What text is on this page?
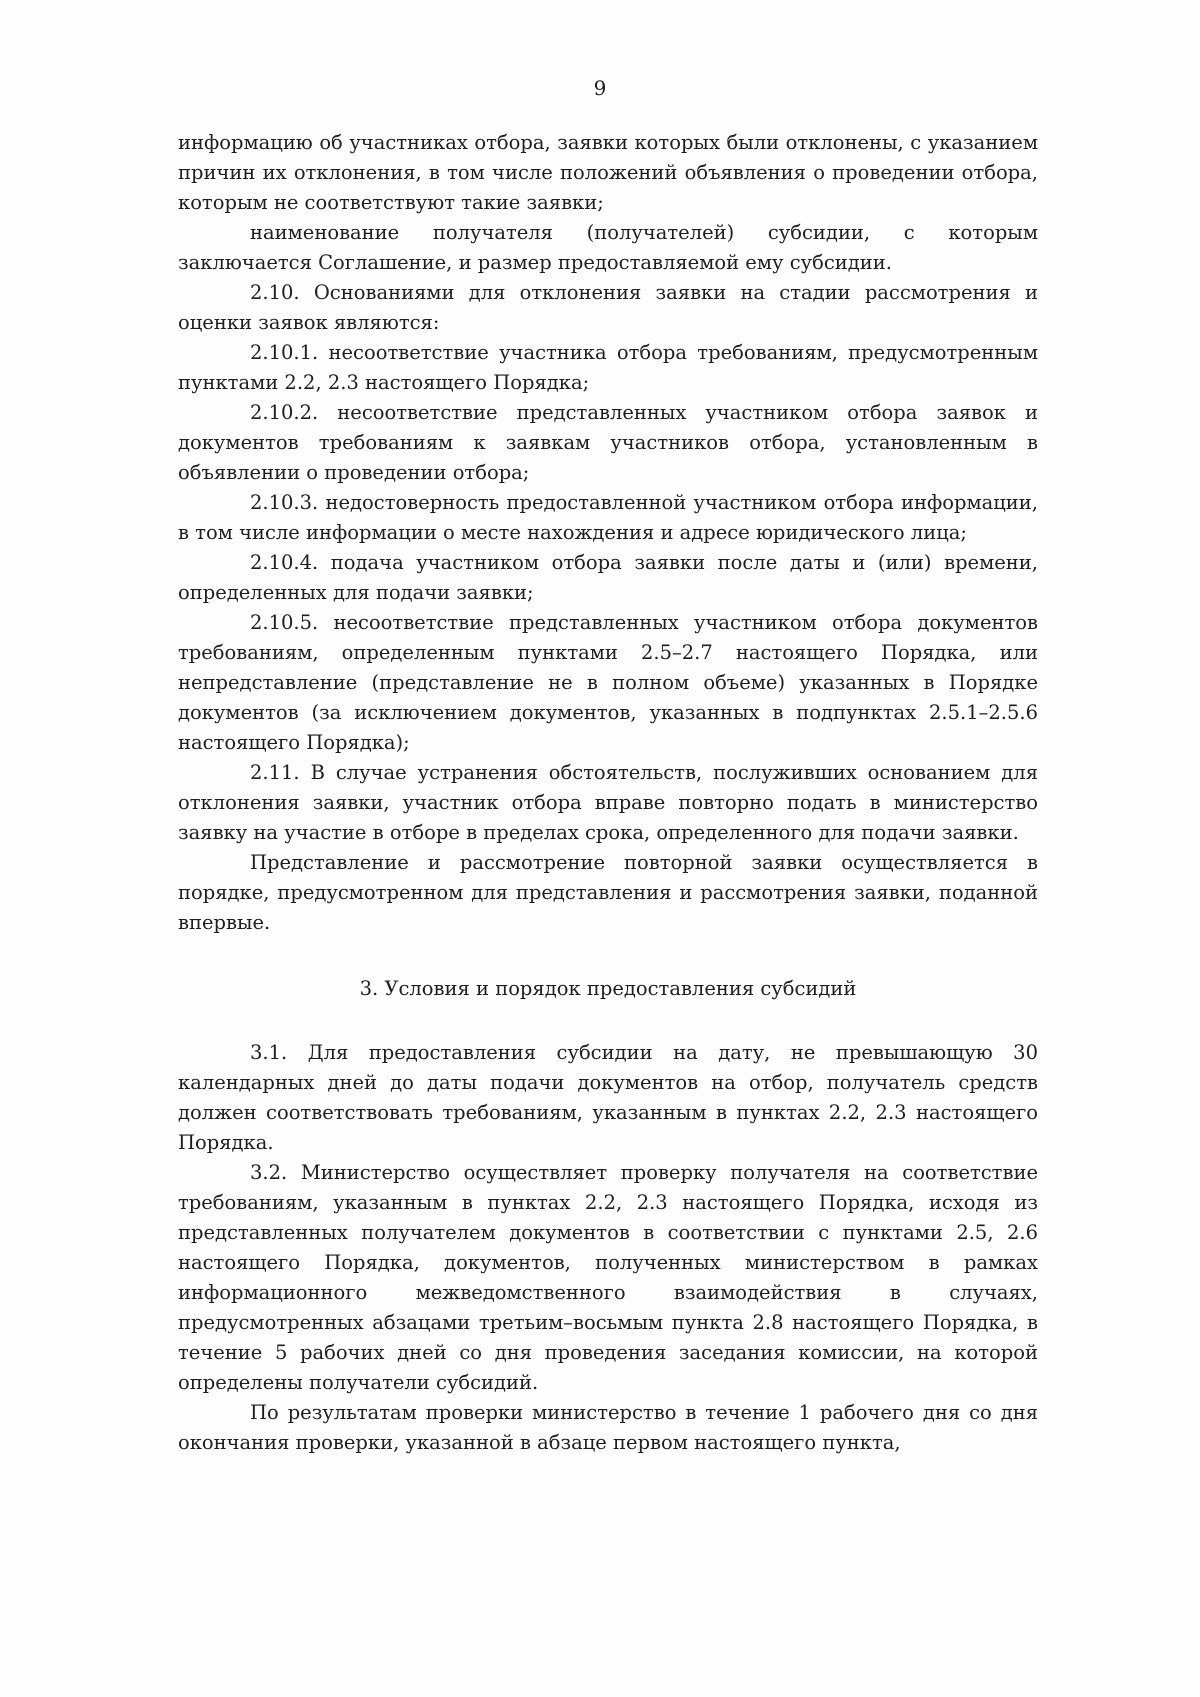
9

информацию об участниках отбора, заявки которых были отклонены, с указанием причин их отклонения, в том числе положений объявления о проведении отбора, которым не соответствуют такие заявки;

наименование получателя (получателей) субсидии, с которым заключается Соглашение, и размер предоставляемой ему субсидии.

2.10. Основаниями для отклонения заявки на стадии рассмотрения и оценки заявок являются:

2.10.1. несоответствие участника отбора требованиям, предусмотренным пунктами 2.2, 2.3 настоящего Порядка;

2.10.2. несоответствие представленных участником отбора заявок и документов требованиям к заявкам участников отбора, установленным в объявлении о проведении отбора;

2.10.3. недостоверность предоставленной участником отбора информации, в том числе информации о месте нахождения и адресе юридического лица;

2.10.4. подача участником отбора заявки после даты и (или) времени, определенных для подачи заявки;

2.10.5. несоответствие представленных участником отбора документов требованиям, определенным пунктами 2.5–2.7 настоящего Порядка, или непредставление (представление не в полном объеме) указанных в Порядке документов (за исключением документов, указанных в подпунктах 2.5.1–2.5.6 настоящего Порядка);

2.11. В случае устранения обстоятельств, послуживших основанием для отклонения заявки, участник отбора вправе повторно подать в министерство заявку на участие в отборе в пределах срока, определенного для подачи заявки.

Представление и рассмотрение повторной заявки осуществляется в порядке, предусмотренном для представления и рассмотрения заявки, поданной впервые.

3. Условия и порядок предоставления субсидий

3.1. Для предоставления субсидии на дату, не превышающую 30 календарных дней до даты подачи документов на отбор, получатель средств должен соответствовать требованиям, указанным в пунктах 2.2, 2.3 настоящего Порядка.

3.2. Министерство осуществляет проверку получателя на соответствие требованиям, указанным в пунктах 2.2, 2.3 настоящего Порядка, исходя из представленных получателем документов в соответствии с пунктами 2.5, 2.6 настоящего Порядка, документов, полученных министерством в рамках информационного межведомственного взаимодействия в случаях, предусмотренных абзацами третьим–восьмым пункта 2.8 настоящего Порядка, в течение 5 рабочих дней со дня проведения заседания комиссии, на которой определены получатели субсидий.

По результатам проверки министерство в течение 1 рабочего дня со дня окончания проверки, указанной в абзаце первом настоящего пункта,
